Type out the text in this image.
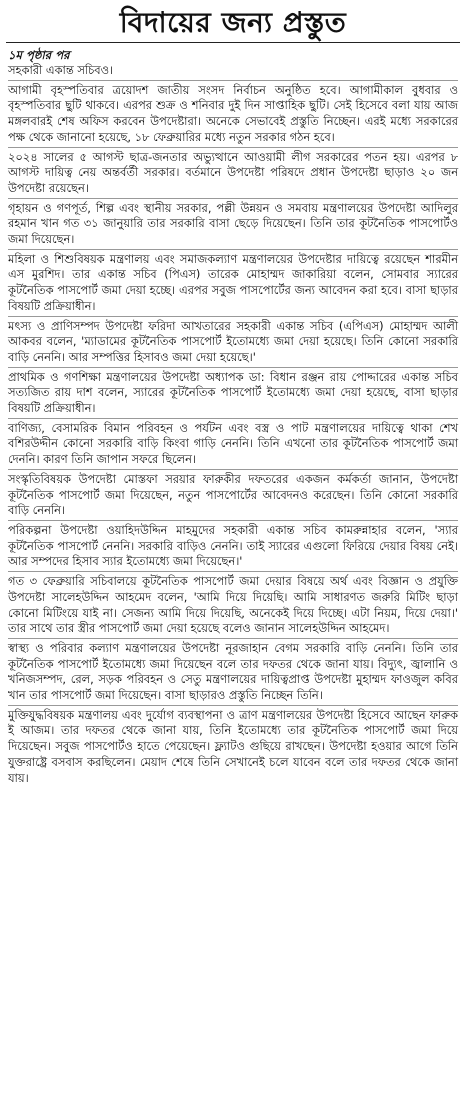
বিদায়ের জন্য প্রস্তুত
১ম পৃষ্ঠার পর

সহকারী একান্ত সচিবও।

আগামী বৃহস্পতিবার ত্রয়োদশ জাতীয় সংসদ নির্বাচন অনুষ্ঠিত হবে। আগামীকাল বুধবার ও বৃহস্পতিবার ছুটি থাকবে। এরপর শুক্র ও শনিবার দুই দিন সাপ্তাহিক ছুটি। সেই হিসেবে বলা যায় আজ মঙ্গলবারই শেষ অফিস করবেন উপদেষ্টারা। অনেকে সেভাবেই প্রস্তুতি নিচ্ছেন। এরই মধ্যে সরকারের পক্ষ থেকে জানানো হয়েছে, ১৮ ফেব্রুয়ারির মধ্যে নতুন সরকার গঠন হবে।

২০২৪ সালের ৫ আগস্ট ছাত্র-জনতার অভ্যুত্থানে আওয়ামী লীগ সরকারের পতন হয়। এরপর ৮ আগস্ট দায়িত্ব নেয় অন্তর্বর্তী সরকার। বর্তমানে উপদেষ্টা পরিষদে প্রধান উপদেষ্টা ছাড়াও ২০ জন উপদেষ্টা রয়েছেন।

গৃহায়ন ও গণপূর্ত, শিল্প এবং স্থানীয় সরকার, পল্লী উন্নয়ন ও সমবায় মন্ত্রণালয়ের উপদেষ্টা আদিলুর রহমান খান গত ৩১ জানুয়ারি তার সরকারি বাসা ছেড়ে দিয়েছেন। তিনি তার কূটনৈতিক পাসপোর্টও জমা দিয়েছেন।

মহিলা ও শিশুবিষয়ক মন্ত্রণালয় এবং সমাজকল্যাণ মন্ত্রণালয়ের উপদেষ্টার দায়িত্বে রয়েছেন শারমীন এস মুরশিদ। তার একান্ত সচিব (পিএস) তারেক মোহাম্মদ জাকারিয়া বলেন, সোমবার স্যারের কূটনৈতিক পাসপোর্ট জমা দেয়া হচ্ছে। এরপর সবুজ পাসপোর্টের জন্য আবেদন করা হবে। বাসা ছাড়ার বিষয়টি প্রক্রিয়াধীন।

মৎস্য ও প্রাণিসম্পদ উপদেষ্টা ফরিদা আখতারের সহকারী একান্ত সচিব (এপিএস) মোহাম্মদ আলী আকবর বলেন, 'ম্যাডামের কূটনৈতিক পাসপোর্ট ইতোমধ্যে জমা দেয়া হয়েছে। তিনি কোনো সরকারি বাড়ি নেননি। আর সম্পত্তির হিসাবও জমা দেয়া হয়েছে।'

প্রাথমিক ও গণশিক্ষা মন্ত্রণালয়ের উপদেষ্টা অধ্যাপক ডা: বিধান রঞ্জন রায় পোদ্দারের একান্ত সচিব সত্যজিত রায় দাশ বলেন, স্যারের কূটনৈতিক পাসপোর্ট ইতোমধ্যে জমা দেয়া হয়েছে, বাসা ছাড়ার বিষয়টি প্রক্রিয়াধীন।

বাণিজ্য, বেসামরিক বিমান পরিবহন ও পর্যটন এবং বস্ত্র ও পাট মন্ত্রণালয়ের দায়িত্বে থাকা শেখ বশিরউদ্দীন কোনো সরকারি বাড়ি কিংবা গাড়ি নেননি। তিনি এখনো তার কূটনৈতিক পাসপোর্ট জমা দেননি। কারণ তিনি জাপান সফরে ছিলেন।

সংস্কৃতিবিষয়ক উপদেষ্টা মোস্তফা সরয়ার ফারুকীর দফতরের একজন কর্মকর্তা জানান, উপদেষ্টা কূটনৈতিক পাসপোর্ট জমা দিয়েছেন, নতুন পাসপোর্টের আবেদনও করেছেন। তিনি কোনো সরকারি বাড়ি নেননি।

পরিকল্পনা উপদেষ্টা ওয়াহিদউদ্দিন মাহমুদের সহকারী একান্ত সচিব কামরুন্নাহার বলেন, 'স্যার কূটনৈতিক পাসপোর্ট নেননি। সরকারি বাড়িও নেননি। তাই স্যারের এগুলো ফিরিয়ে দেয়ার বিষয় নেই। আর সম্পদের হিসাব স্যার ইতোমধ্যে জমা দিয়েছেন।'

গত ৩ ফেব্রুয়ারি সচিবালয়ে কূটনৈতিক পাসপোর্ট জমা দেয়ার বিষয়ে অর্থ এবং বিজ্ঞান ও প্রযুক্তি উপদেষ্টা সালেহউদ্দিন আহমেদ বলেন, 'আমি দিয়ে দিয়েছি। আমি সাধারণত জরুরি মিটিং ছাড়া কোনো মিটিংয়ে যাই না। সেজন্য আমি দিয়ে দিয়েছি, অনেকেই দিয়ে দিচ্ছে। এটা নিয়ম, দিয়ে দেয়া।' তার সাথে তার স্ত্রীর পাসপোর্ট জমা দেয়া হয়েছে বলেও জানান সালেহউদ্দিন আহমেদ।

স্বাস্থ্য ও পরিবার কল্যাণ মন্ত্রণালয়ের উপদেষ্টা নূরজাহান বেগম সরকারি বাড়ি নেননি। তিনি তার কূটনৈতিক পাসপোর্ট ইতোমধ্যে জমা দিয়েছেন বলে তার দফতর থেকে জানা যায়। বিদ্যুৎ, জ্বালানি ও খনিজসম্পদ, রেল, সড়ক পরিবহন ও সেতু মন্ত্রণালয়ের দায়িত্বপ্রাপ্ত উপদেষ্টা মুহাম্মদ ফাওজুল কবির খান তার পাসপোর্ট জমা দিয়েছেন। বাসা ছাড়ারও প্রস্তুতি নিচ্ছেন তিনি।

মুক্তিযুদ্ধবিষয়ক মন্ত্রণালয় এবং দুর্যোগ ব্যবস্থাপনা ও ত্রাণ মন্ত্রণালয়ের উপদেষ্টা হিসেবে আছেন ফারুক ই আজম। তার দফতর থেকে জানা যায়, তিনি ইতোমধ্যে তার কূটনৈতিক পাসপোর্ট জমা দিয়ে দিয়েছেন। সবুজ পাসপোর্টও হাতে পেয়েছেন। ফ্ল্যাটও গুছিয়ে রাখছেন। উপদেষ্টা হওয়ার আগে তিনি যুক্তরাষ্ট্রে বসবাস করছিলেন। মেয়াদ শেষে তিনি সেখানেই চলে যাবেন বলে তার দফতর থেকে জানা যায়।
